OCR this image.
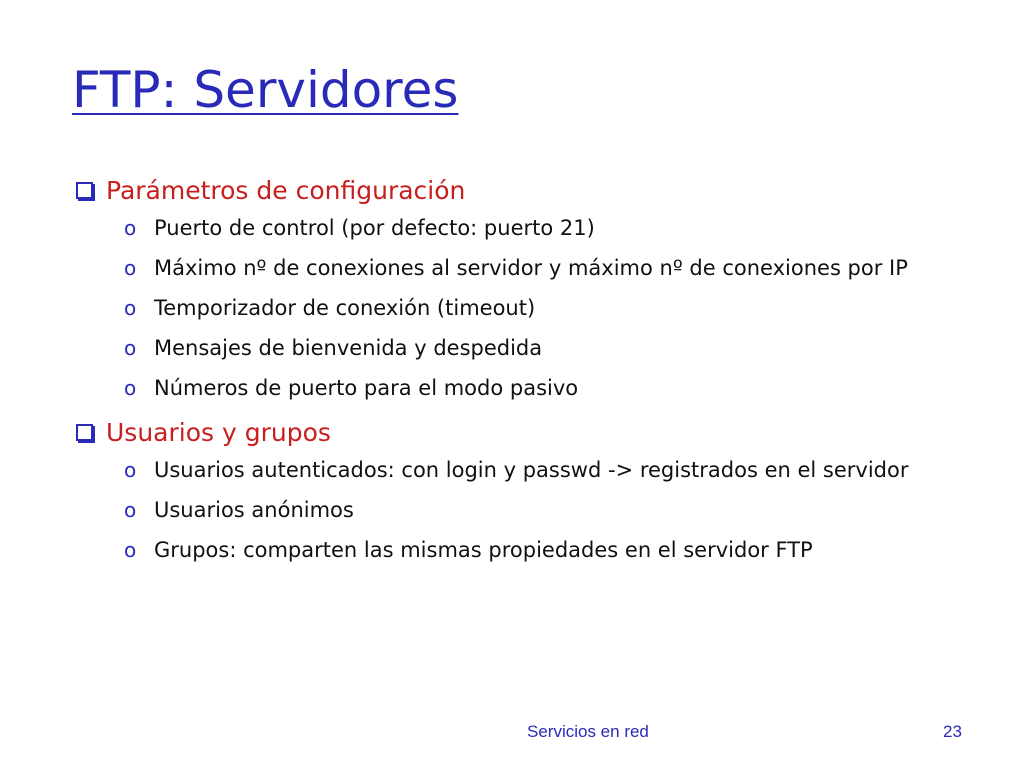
FTP: Servidores
Parámetros de configuración
o Puerto de control (por defecto: puerto 21)
o Máximo nº de conexiones al servidor y máximo nº de conexiones por IP
o Temporizador de conexión (timeout)
o Mensajes de bienvenida y despedida
o Números de puerto para el modo pasivo
Usuarios y grupos
o Usuarios autenticados: con login y passwd -> registrados en el servidor
o Usuarios anónimos
o Grupos: comparten las mismas propiedades en el servidor FTP
Servicios en red	23
